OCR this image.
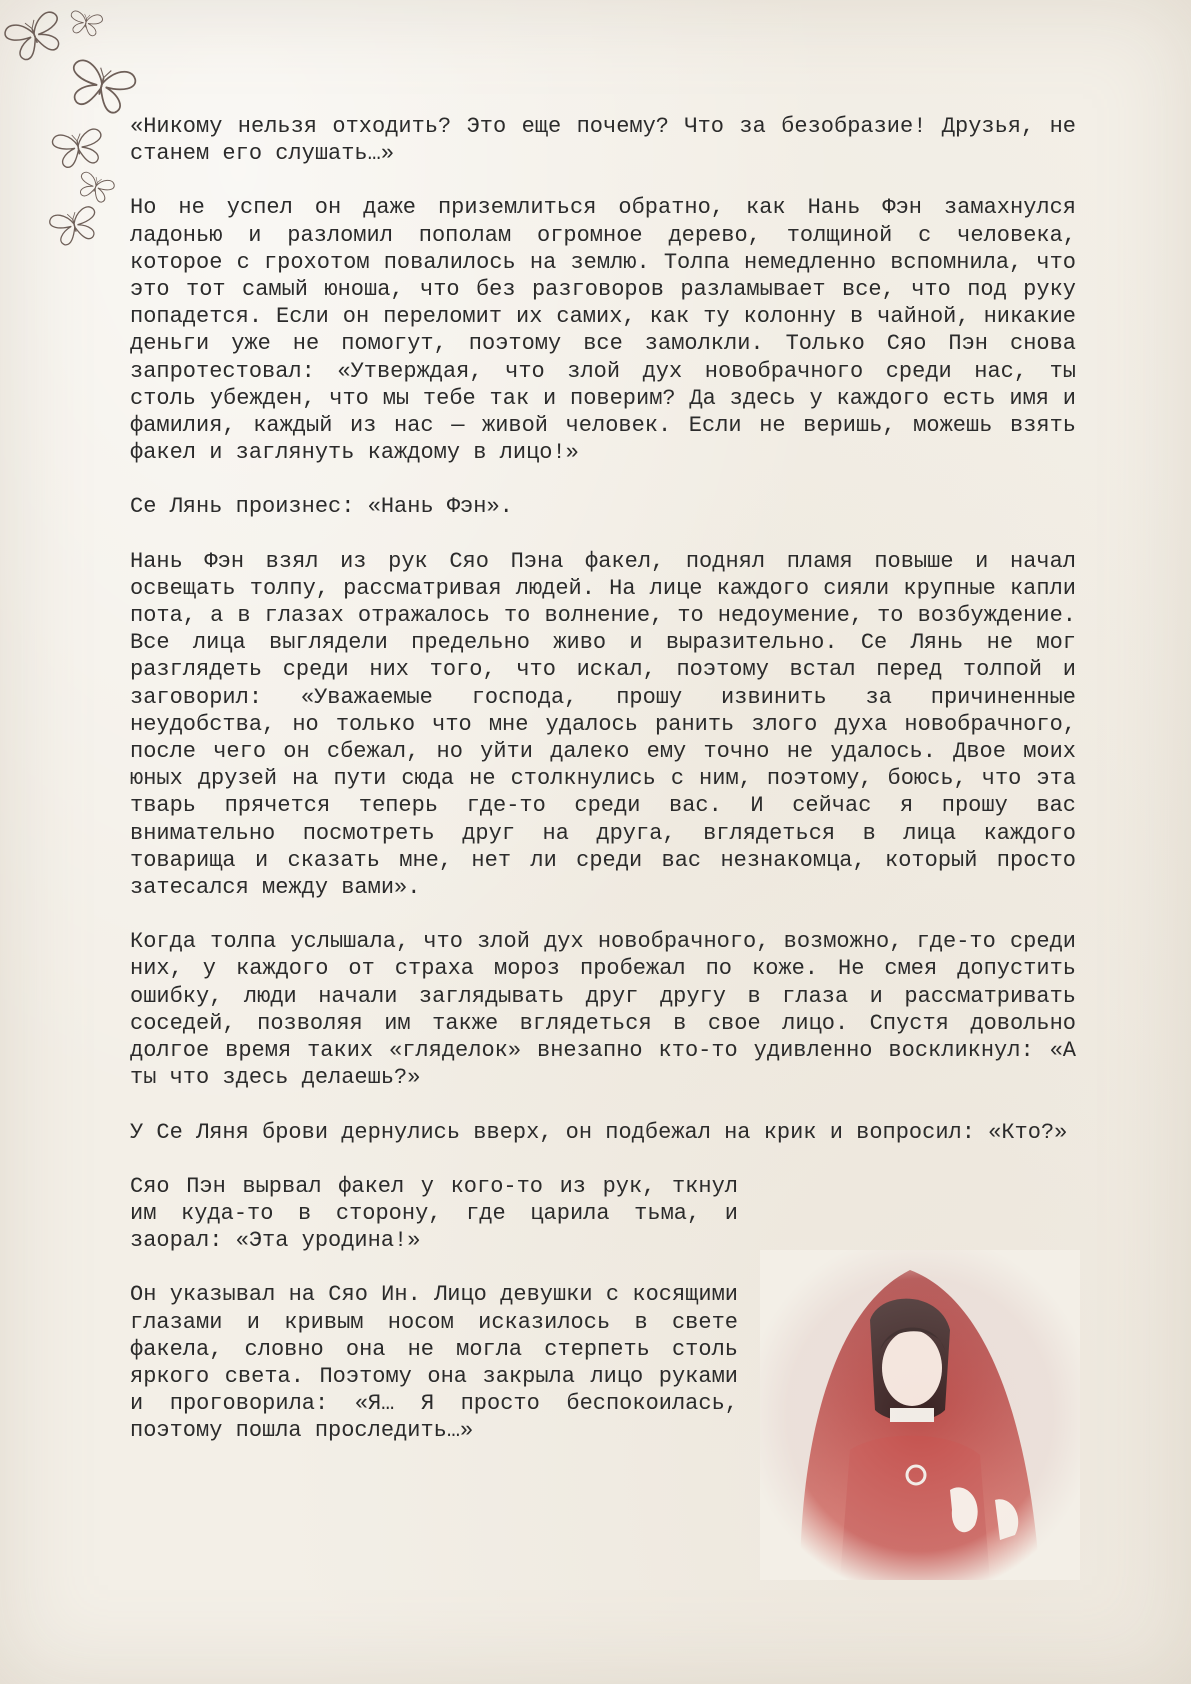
«Никому нельзя отходить? Это еще почему? Что за безобразие! Друзья, не станем его слушать…»

Но не успел он даже приземлиться обратно, как Нань Фэн замахнулся ладонью и разломил пополам огромное дерево, толщиной с человека, которое с грохотом повалилось на землю. Толпа немедленно вспомнила, что это тот самый юноша, что без разговоров разламывает все, что под руку попадется. Если он переломит их самих, как ту колонну в чайной, никакие деньги уже не помогут, поэтому все замолкли. Только Сяо Пэн снова запротестовал: «Утверждая, что злой дух новобрачного среди нас, ты столь убежден, что мы тебе так и поверим? Да здесь у каждого есть имя и фамилия, каждый из нас — живой человек. Если не веришь, можешь взять факел и заглянуть каждому в лицо!»

Се Лянь произнес: «Нань Фэн».

Нань Фэн взял из рук Сяо Пэна факел, поднял пламя повыше и начал освещать толпу, рассматривая людей. На лице каждого сияли крупные капли пота, а в глазах отражалось то волнение, то недоумение, то возбуждение. Все лица выглядели предельно живо и выразительно. Се Лянь не мог разглядеть среди них того, что искал, поэтому встал перед толпой и заговорил: «Уважаемые господа, прошу извинить за причиненные неудобства, но только что мне удалось ранить злого духа новобрачного, после чего он сбежал, но уйти далеко ему точно не удалось. Двое моих юных друзей на пути сюда не столкнулись с ним, поэтому, боюсь, что эта тварь прячется теперь где-то среди вас. И сейчас я прошу вас внимательно посмотреть друг на друга, вглядеться в лица каждого товарища и сказать мне, нет ли среди вас незнакомца, который просто затесался между вами».

Когда толпа услышала, что злой дух новобрачного, возможно, где-то среди них, у каждого от страха мороз пробежал по коже. Не смея допустить ошибку, люди начали заглядывать друг другу в глаза и рассматривать соседей, позволяя им также вглядеться в свое лицо. Спустя довольно долгое время таких «гляделок» внезапно кто-то удивленно воскликнул: «А ты что здесь делаешь?»

У Се Ляня брови дернулись вверх, он подбежал на крик и вопросил: «Кто?»

Сяо Пэн вырвал факел у кого-то из рук, ткнул им куда-то в сторону, где царила тьма, и заорал: «Эта уродина!»

Он указывал на Сяо Ин. Лицо девушки с косящими глазами и кривым носом исказилось в свете факела, словно она не могла стерпеть столь яркого света. Поэтому она закрыла лицо руками и проговорила: «Я… Я просто беспокоилась, поэтому пошла проследить…»
